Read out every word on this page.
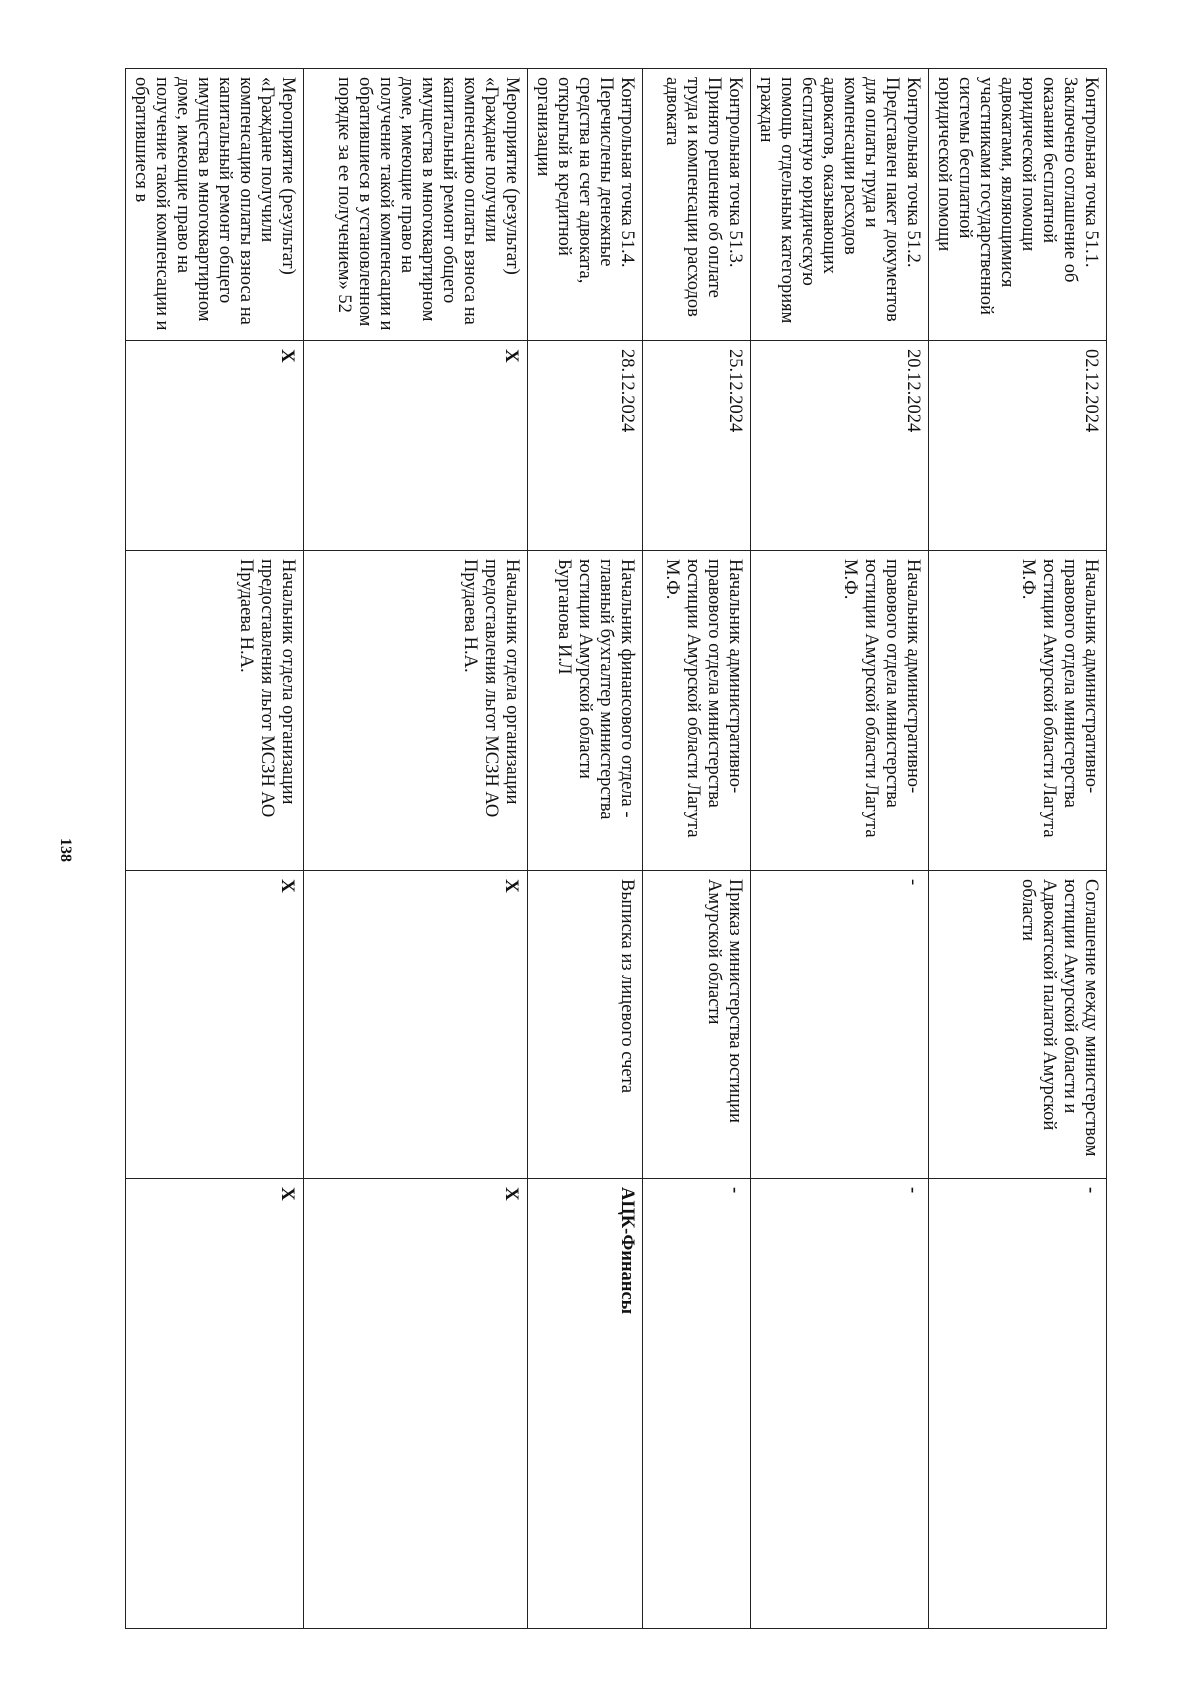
138
Контрольная точка 51.1. Заключено соглашение об оказании бесплатной юридической помощи адвокатами, являющимися участниками государственной системы бесплатной юридической помощи	02.12.2024	Начальник административно-правового отдела министерства юстиции Амурской области Лагута М.Ф.	Соглашение между министерством юстиции Амурской области и Адвокатской палатой Амурской области	-
Контрольная точка 51.2. Представлен пакет документов для оплаты труда и компенсации расходов адвокатов, оказывающих бесплатную юридическую помощь отдельным категориям граждан	20.12.2024	Начальник административно-правового отдела министерства юстиции Амурской области Лагута М.Ф.	-	-
Контрольная точка 51.3. Принято решение об оплате труда и компенсации расходов адвоката	25.12.2024	Начальник административно-правового отдела министерства юстиции Амурской области Лагута М.Ф.	Приказ министерства юстиции Амурской области	-
Контрольная точка 51.4. Перечислены денежные средства на счет адвоката, открытый в кредитной организации	28.12.2024	Начальник финансового отдела - главный бухгалтер министерства юстиции Амурской области Бурганова И.Л	Выписка из лицевого счета	АЦК-Финансы
Мероприятие (результат) «Граждане получили компенсацию оплаты взноса на капитальный ремонт общего имущества в многоквартирном доме, имеющие право на получение такой компенсации и обратившиеся в установленном порядке за ее получением» 52	X	Начальник отдела организации предоставления льгот МСЗН АО Прудаева Н.А.	X	X
Мероприятие (результат) «Граждане получили компенсацию оплаты взноса на капитальный ремонт общего имущества в многоквартирном доме, имеющие право на получение такой компенсации и обратившиеся в	X	Начальник отдела организации предоставления льгот МСЗН АО Прудаева Н.А.	X	X
